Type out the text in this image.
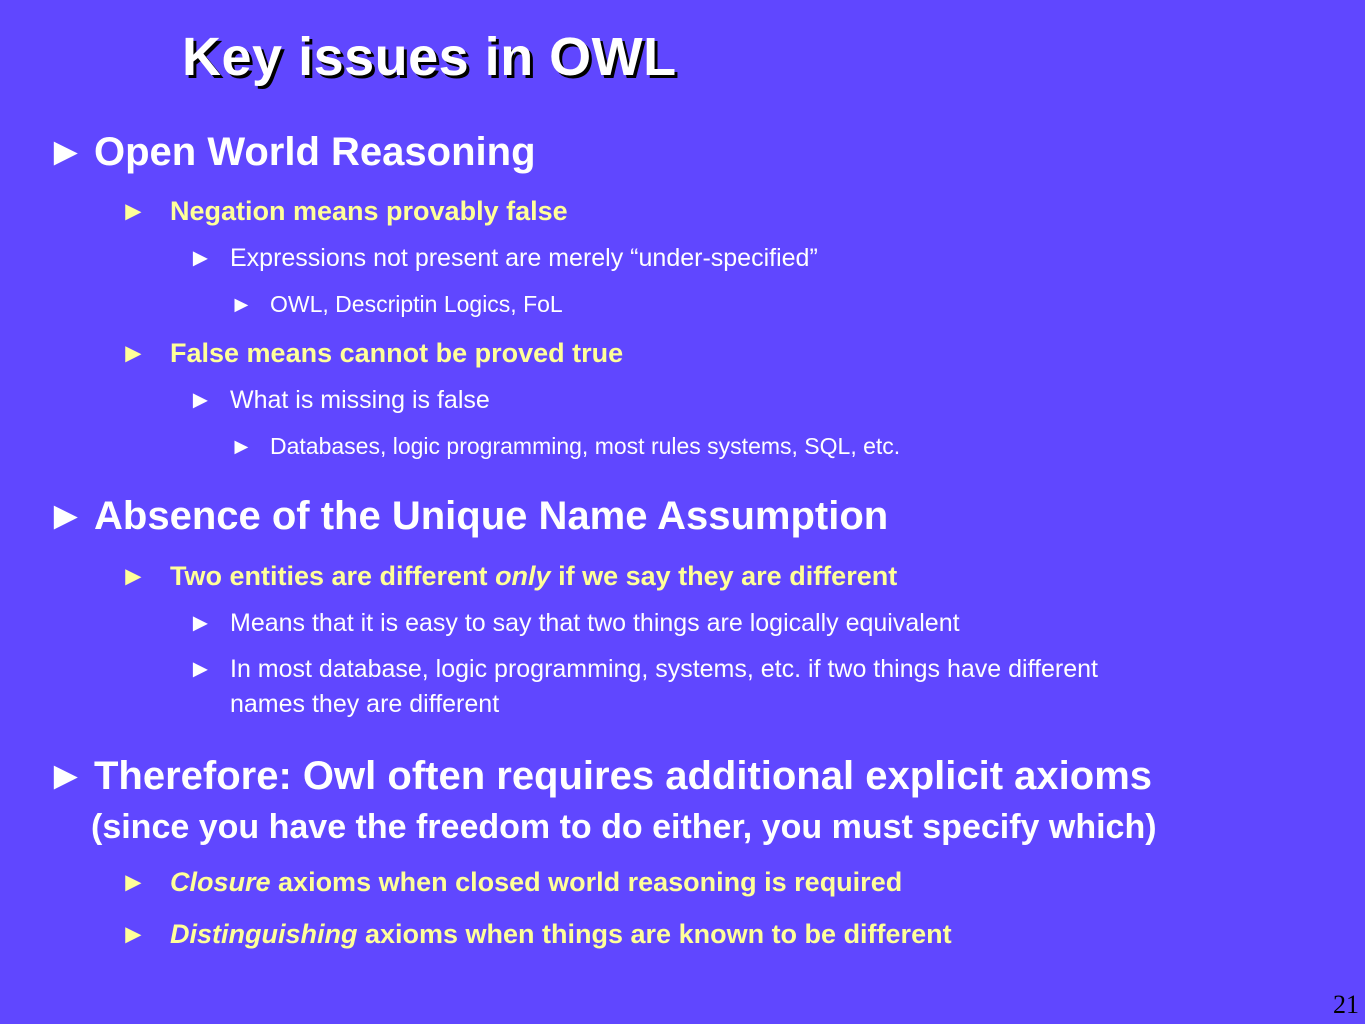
Key issues in OWL
► Open World Reasoning
► Negation means provably false
► Expressions not present are merely “under-specified”
► OWL, Descriptin Logics, FoL
► False means cannot be proved true
► What is missing is false
► Databases, logic programming, most rules systems, SQL, etc.
► Absence of the Unique Name Assumption
► Two entities are different only if we say they are different
► Means that it is easy to say that two things are logically equivalent
► In most database, logic programming, systems, etc. if two things have different
names they are different
► Therefore: Owl often requires additional explicit axioms
(since you have the freedom to do either, you must specify which)
► Closure axioms when closed world reasoning is required
► Distinguishing axioms when things are known to be different
21
